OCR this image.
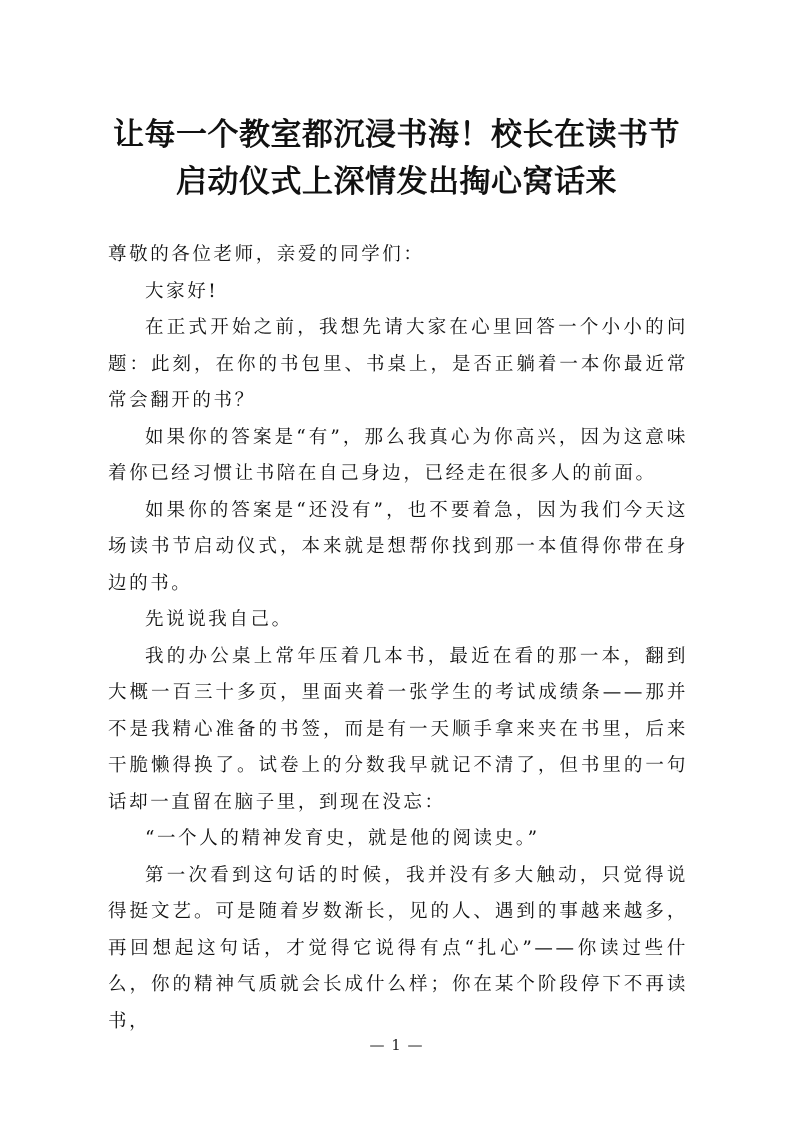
让每一个教室都沉浸书海！校长在读书节
启动仪式上深情发出掏心窝话来

尊敬的各位老师，亲爱的同学们：

大家好!

在正式开始之前，我想先请大家在心里回答一个小小的问题：此刻，在你的书包里、书桌上，是否正躺着一本你最近常常会翻开的书？

如果你的答案是“有”，那么我真心为你高兴，因为这意味着你已经习惯让书陪在自己身边，已经走在很多人的前面。

如果你的答案是“还没有”，也不要着急，因为我们今天这场读书节启动仪式，本来就是想帮你找到那一本值得你带在身边的书。

先说说我自己。

我的办公桌上常年压着几本书，最近在看的那一本，翻到大概一百三十多页，里面夹着一张学生的考试成绩条——那并不是我精心准备的书签，而是有一天顺手拿来夹在书里，后来干脆懒得换了。试卷上的分数我早就记不清了，但书里的一句话却一直留在脑子里，到现在没忘：

“一个人的精神发育史，就是他的阅读史。”

第一次看到这句话的时候，我并没有多大触动，只觉得说得挺文艺。可是随着岁数渐长，见的人、遇到的事越来越多，再回想起这句话，才觉得它说得有点“扎心”——你读过些什么，你的精神气质就会长成什么样；你在某个阶段停下不再读书，

— 1 —
